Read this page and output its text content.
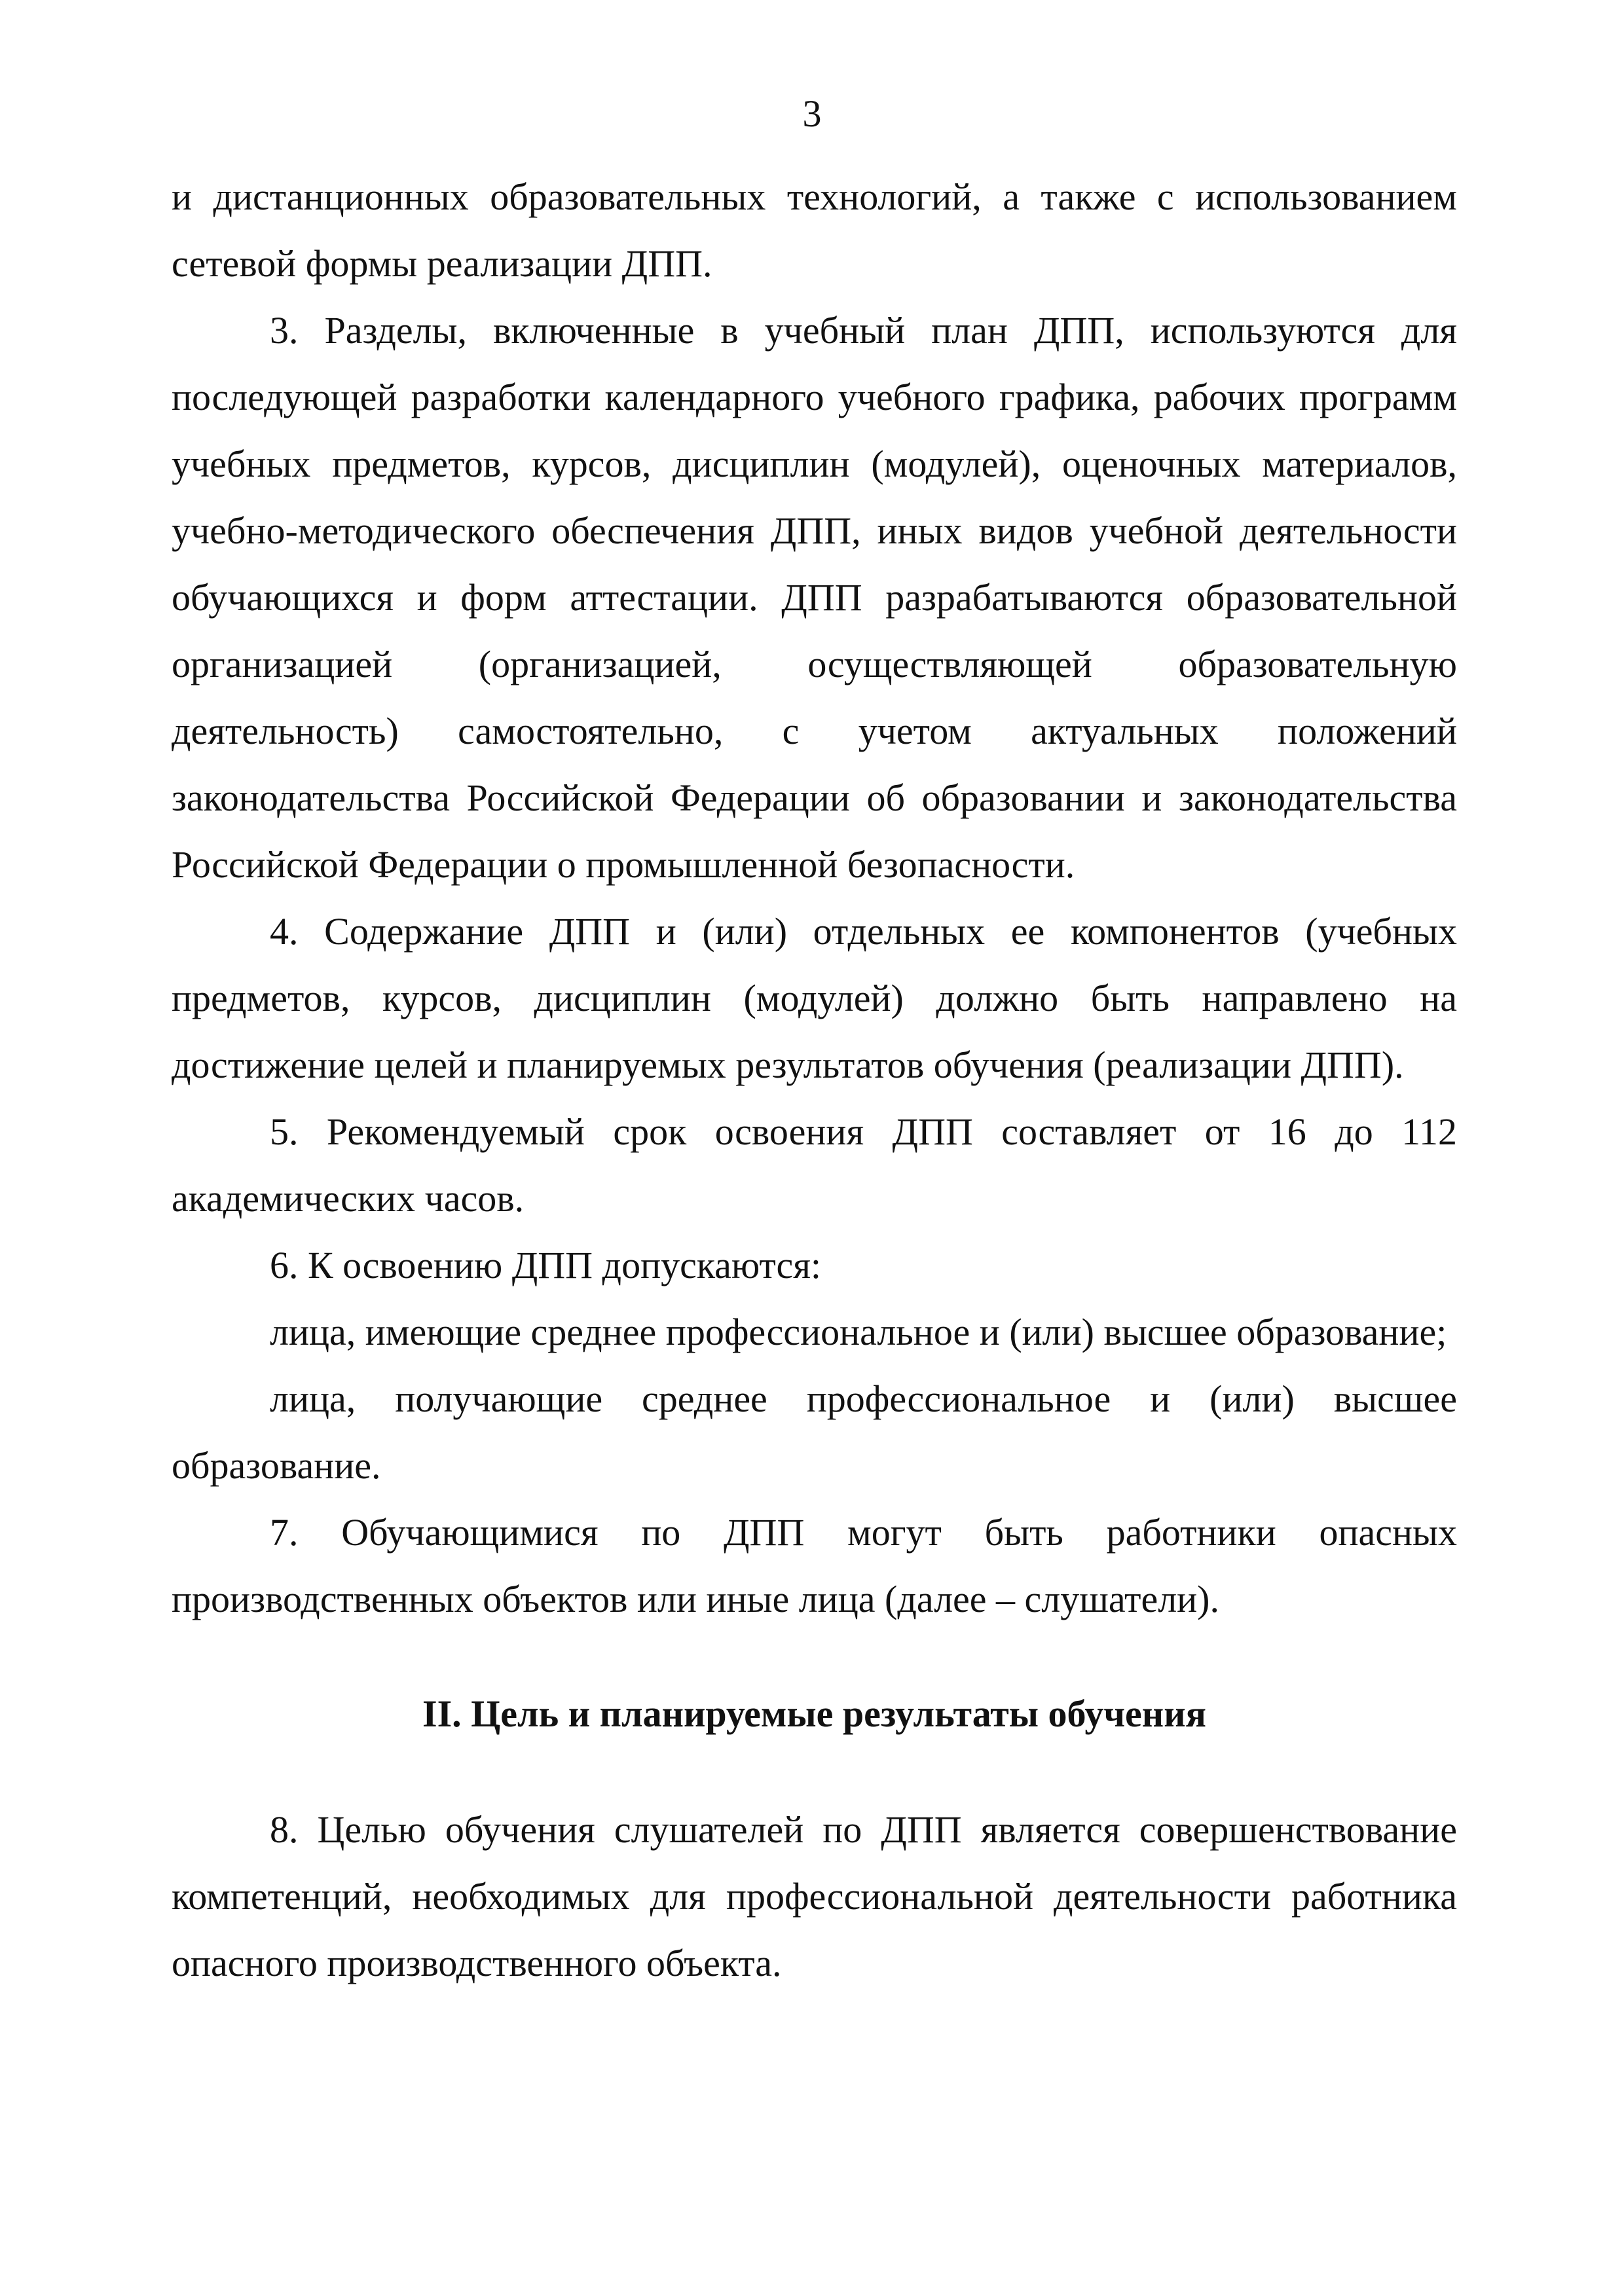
3

и дистанционных образовательных технологий, а также с использованием сетевой формы реализации ДПП.

3. Разделы, включенные в учебный план ДПП, используются для последующей разработки календарного учебного графика, рабочих программ учебных предметов, курсов, дисциплин (модулей), оценочных материалов, учебно-методического обеспечения ДПП, иных видов учебной деятельности обучающихся и форм аттестации. ДПП разрабатываются образовательной организацией (организацией, осуществляющей образовательную деятельность) самостоятельно, с учетом актуальных положений законодательства Российской Федерации об образовании и законодательства Российской Федерации о промышленной безопасности.

4. Содержание ДПП и (или) отдельных ее компонентов (учебных предметов, курсов, дисциплин (модулей) должно быть направлено на достижение целей и планируемых результатов обучения (реализации ДПП).

5. Рекомендуемый срок освоения ДПП составляет от 16 до 112 академических часов.

6. К освоению ДПП допускаются:

лица, имеющие среднее профессиональное и (или) высшее образование;

лица, получающие среднее профессиональное и (или) высшее образование.

7. Обучающимися по ДПП могут быть работники опасных производственных объектов или иные лица (далее – слушатели).

II. Цель и планируемые результаты обучения

8. Целью обучения слушателей по ДПП является совершенствование компетенций, необходимых для профессиональной деятельности работника опасного производственного объекта.
